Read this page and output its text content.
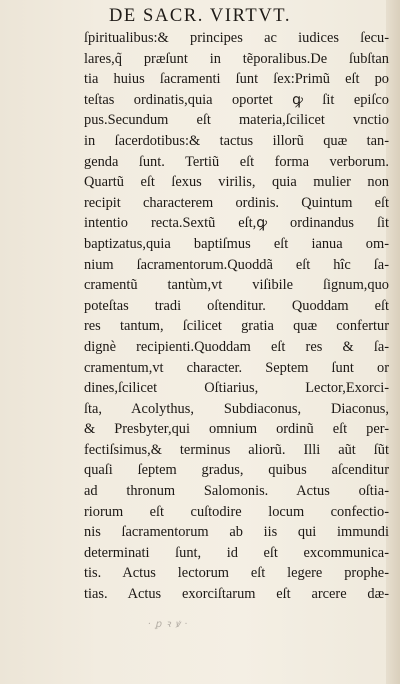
DE SACR. VIRTVT.
ſpiritualibus:& principes ac iudices ſecu-
lares,q̃ præſunt in tẽporalibus.De ſubſtan
tia huius ſacramenti ſunt ſex:Primũ eſt po
teſtas ordinatis,quia oportet ꝙ ſit epiſco
pus.Secundum eſt materia,ſcilicet vnctio
in ſacerdotibus:& tactus illorũ quæ tan-
genda ſunt. Tertiũ eſt forma verborum.
Quartũ eſt ſexus virilis, quia mulier non
recipit characterem ordinis. Quintum eſt
intentio recta.Sextũ eſt,ꝙ ordinandus ſit
baptizatus,quia baptiſmus eſt ianua om-
nium ſacramentorum.Quoddã eſt hîc ſa-
cramentũ tantùm,vt viſibile ſignum,quo
poteſtas tradi oſtenditur. Quoddam eſt
res tantum, ſcilicet gratia quæ confertur
dignè recipienti.Quoddam eſt res & ſa-
cramentum,vt character. Septem ſunt or
dines,ſcilicet Oſtiarius, Lector,Exorci-
ſta, Acolythus, Subdiaconus, Diaconus,
& Presbyter,qui omnium ordinũ eſt per-
fectiſsimus,& terminus aliorũ. Illi aũt ſũt
quaſi ſeptem gradus, quibus aſcenditur
ad thronum Salomonis. Actus oſtia-
riorum eſt cuſtodire locum confectio-
nis ſacramentorum ab iis qui immundi
determinati ſunt, id eſt excommunica-
tis. Actus lectorum eſt legere prophe-
tias. Actus exorciſtarum eſt arcere dæ-
· ꝑ ꝛ ꝟ ·
